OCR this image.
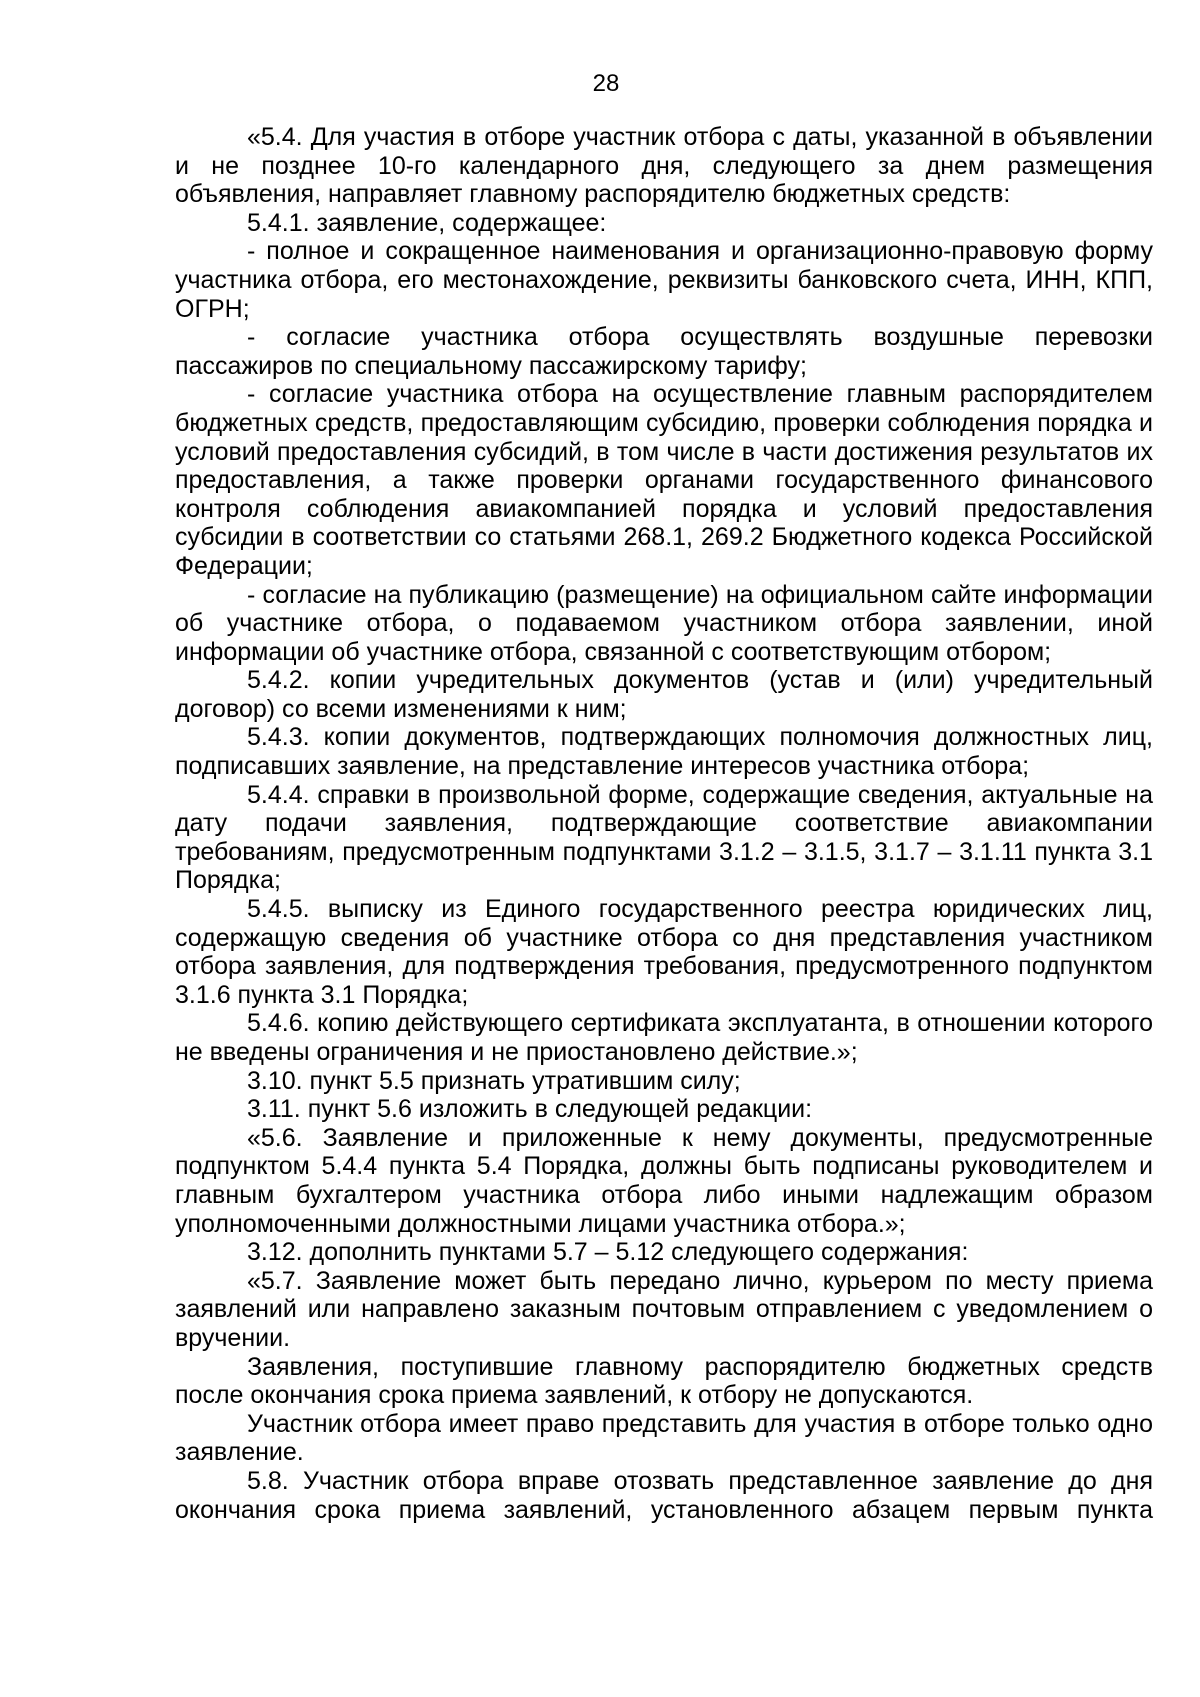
28

«5.4. Для участия в отборе участник отбора с даты, указанной в объявлении и не позднее 10-го календарного дня, следующего за днем размещения объявления, направляет главному распорядителю бюджетных средств:

5.4.1. заявление, содержащее:

- полное и сокращенное наименования и организационно-правовую форму участника отбора, его местонахождение, реквизиты банковского счета, ИНН, КПП, ОГРН;

- согласие участника отбора осуществлять воздушные перевозки пассажиров по специальному пассажирскому тарифу;

- согласие участника отбора на осуществление главным распорядителем бюджетных средств, предоставляющим субсидию, проверки соблюдения порядка и условий предоставления субсидий, в том числе в части достижения результатов их предоставления, а также проверки органами государственного финансового контроля соблюдения авиакомпанией порядка и условий предоставления субсидии в соответствии со статьями 268.1, 269.2 Бюджетного кодекса Российской Федерации;

- согласие на публикацию (размещение) на официальном сайте информации об участнике отбора, о подаваемом участником отбора заявлении, иной информации об участнике отбора, связанной с соответствующим отбором;

5.4.2. копии учредительных документов (устав и (или) учредительный договор) со всеми изменениями к ним;

5.4.3. копии документов, подтверждающих полномочия должностных лиц, подписавших заявление, на представление интересов участника отбора;

5.4.4. справки в произвольной форме, содержащие сведения, актуальные на дату подачи заявления, подтверждающие соответствие авиакомпании требованиям, предусмотренным подпунктами 3.1.2 – 3.1.5, 3.1.7 – 3.1.11 пункта 3.1 Порядка;

5.4.5. выписку из Единого государственного реестра юридических лиц, содержащую сведения об участнике отбора со дня представления участником отбора заявления, для подтверждения требования, предусмотренного подпунктом 3.1.6 пункта 3.1 Порядка;

5.4.6. копию действующего сертификата эксплуатанта, в отношении которого не введены ограничения и не приостановлено действие.»;

3.10. пункт 5.5 признать утратившим силу;

3.11. пункт 5.6 изложить в следующей редакции:

«5.6. Заявление и приложенные к нему документы, предусмотренные подпунктом 5.4.4 пункта 5.4 Порядка, должны быть подписаны руководителем и главным бухгалтером участника отбора либо иными надлежащим образом уполномоченными должностными лицами участника отбора.»;

3.12. дополнить пунктами 5.7 – 5.12 следующего содержания:

«5.7. Заявление может быть передано лично, курьером по месту приема заявлений или направлено заказным почтовым отправлением с уведомлением о вручении.

Заявления, поступившие главному распорядителю бюджетных средств после окончания срока приема заявлений, к отбору не допускаются.

Участник отбора имеет право представить для участия в отборе только одно заявление.

5.8. Участник отбора вправе отозвать представленное заявление до дня окончания срока приема заявлений, установленного абзацем первым пункта
